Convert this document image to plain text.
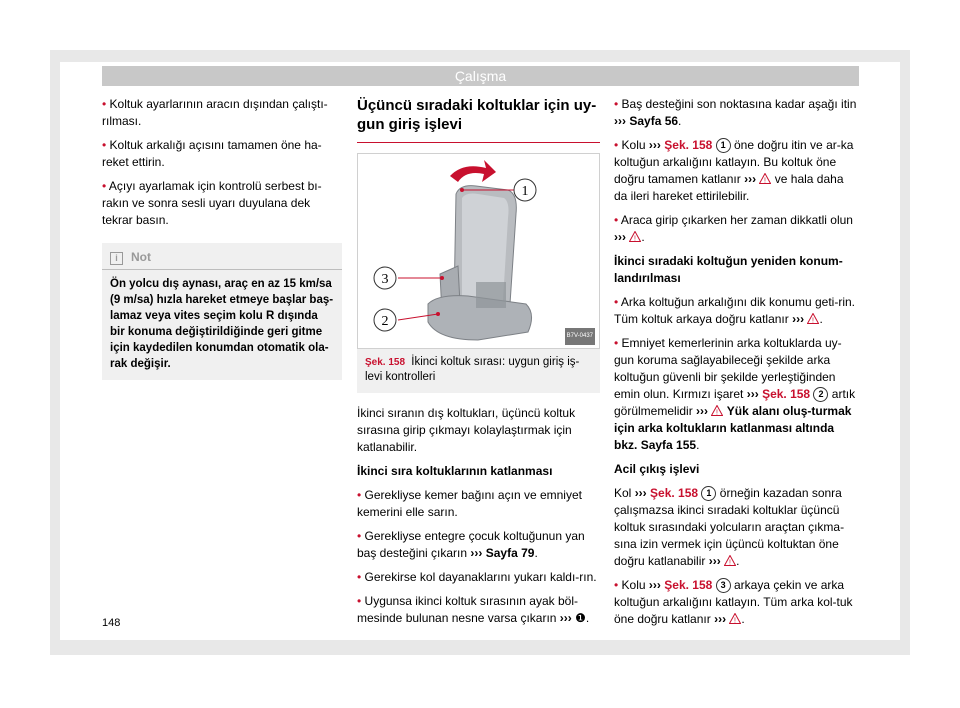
Çalışma

• Koltuk ayarlarının aracın dışından çalıştı-rılması.

• Koltuk arkalığı açısını tamamen öne ha-reket ettirin.

• Açıyı ayarlamak için kontrolü serbest bı-rakın ve sonra sesli uyarı duyulana dek tekrar basın.

i Not
Ön yolcu dış aynası, araç en az 15 km/sa (9 m/sa) hızla hareket etmeye başlar baş-lamaz veya vites seçim kolu R dışında bir konuma değiştirildiğinde geri gitme için kaydedilen konumdan otomatik ola-rak değişir.
Üçüncü sıradaki koltuklar için uy-gun giriş işlevi
1
3
2
B7V-0437
Şek. 158 İkinci koltuk sırası: uygun giriş iş-levi kontrolleri

İkinci sıranın dış koltukları, üçüncü koltuk sırasına girip çıkmayı kolaylaştırmak için katlanabilir.

İkinci sıra koltuklarının katlanması

• Gerekliyse kemer bağını açın ve emniyet kemerini elle sarın.

• Gerekliyse entegre çocuk koltuğunun yan baş desteğini çıkarın ››› Sayfa 79.

• Gerekirse kol dayanaklarını yukarı kaldı-rın.

• Uygunsa ikinci koltuk sırasının ayak böl-mesinde bulunan nesne varsa çıkarın ››› ❶.

• Baş desteğini son noktasına kadar aşağı itin ››› Sayfa 56.

• Kolu ››› Şek. 158 1 öne doğru itin ve ar-ka koltuğun arkalığını katlayın. Bu koltuk öne doğru tamamen katlanır ››› ! ve hala daha da ileri hareket ettirilebilir.

• Araca girip çıkarken her zaman dikkatli olun ››› ! .

İkinci sıradaki koltuğun yeniden konum-landırılması

• Arka koltuğun arkalığını dik konumu geti-rin. Tüm koltuk arkaya doğru katlanır ››› ! .

• Emniyet kemerlerinin arka koltuklarda uy-gun koruma sağlayabileceği şekilde arka koltuğun güvenli bir şekilde yerleştiğinden emin olun. Kırmızı işaret ››› Şek. 158 2 artık görülmemelidir ››› ! Yük alanı oluş-turmak için arka koltukların katlanması altında bkz. Sayfa 155.

Acil çıkış işlevi

Kol ››› Şek. 158 1 örneğin kazadan sonra çalışmazsa ikinci sıradaki koltuklar üçüncü koltuk sırasındaki yolcuların araçtan çıkma-sına izin vermek için üçüncü koltuktan öne doğru katlanabilir ››› ! .

• Kolu ››› Şek. 158 3 arkaya çekin ve arka koltuğun arkalığını katlayın. Tüm arka kol-tuk öne doğru katlanır ››› ! .

148
